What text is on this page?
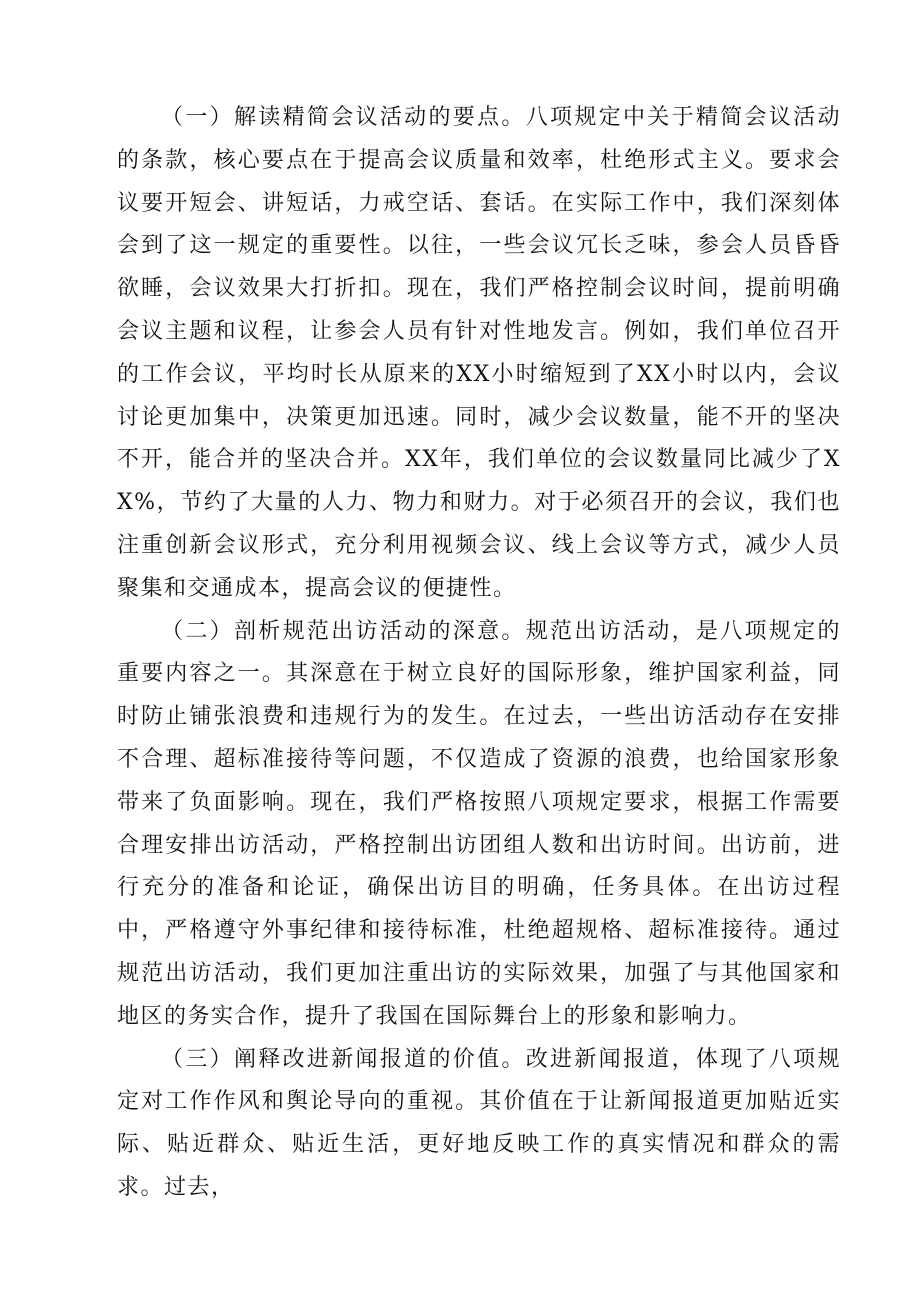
（一）解读精简会议活动的要点。八项规定中关于精简会议活动的条款，核心要点在于提高会议质量和效率，杜绝形式主义。要求会议要开短会、讲短话，力戒空话、套话。在实际工作中，我们深刻体会到了这一规定的重要性。以往，一些会议冗长乏味，参会人员昏昏欲睡，会议效果大打折扣。现在，我们严格控制会议时间，提前明确会议主题和议程，让参会人员有针对性地发言。例如，我们单位召开的工作会议，平均时长从原来的XX小时缩短到了XX小时以内，会议讨论更加集中，决策更加迅速。同时，减少会议数量，能不开的坚决不开，能合并的坚决合并。XX年，我们单位的会议数量同比减少了XX%，节约了大量的人力、物力和财力。对于必须召开的会议，我们也注重创新会议形式，充分利用视频会议、线上会议等方式，减少人员聚集和交通成本，提高会议的便捷性。

（二）剖析规范出访活动的深意。规范出访活动，是八项规定的重要内容之一。其深意在于树立良好的国际形象，维护国家利益，同时防止铺张浪费和违规行为的发生。在过去，一些出访活动存在安排不合理、超标准接待等问题，不仅造成了资源的浪费，也给国家形象带来了负面影响。现在，我们严格按照八项规定要求，根据工作需要合理安排出访活动，严格控制出访团组人数和出访时间。出访前，进行充分的准备和论证，确保出访目的明确，任务具体。在出访过程中，严格遵守外事纪律和接待标准，杜绝超规格、超标准接待。通过规范出访活动，我们更加注重出访的实际效果，加强了与其他国家和地区的务实合作，提升了我国在国际舞台上的形象和影响力。

（三）阐释改进新闻报道的价值。改进新闻报道，体现了八项规定对工作作风和舆论导向的重视。其价值在于让新闻报道更加贴近实际、贴近群众、贴近生活，更好地反映工作的真实情况和群众的需求。过去，
